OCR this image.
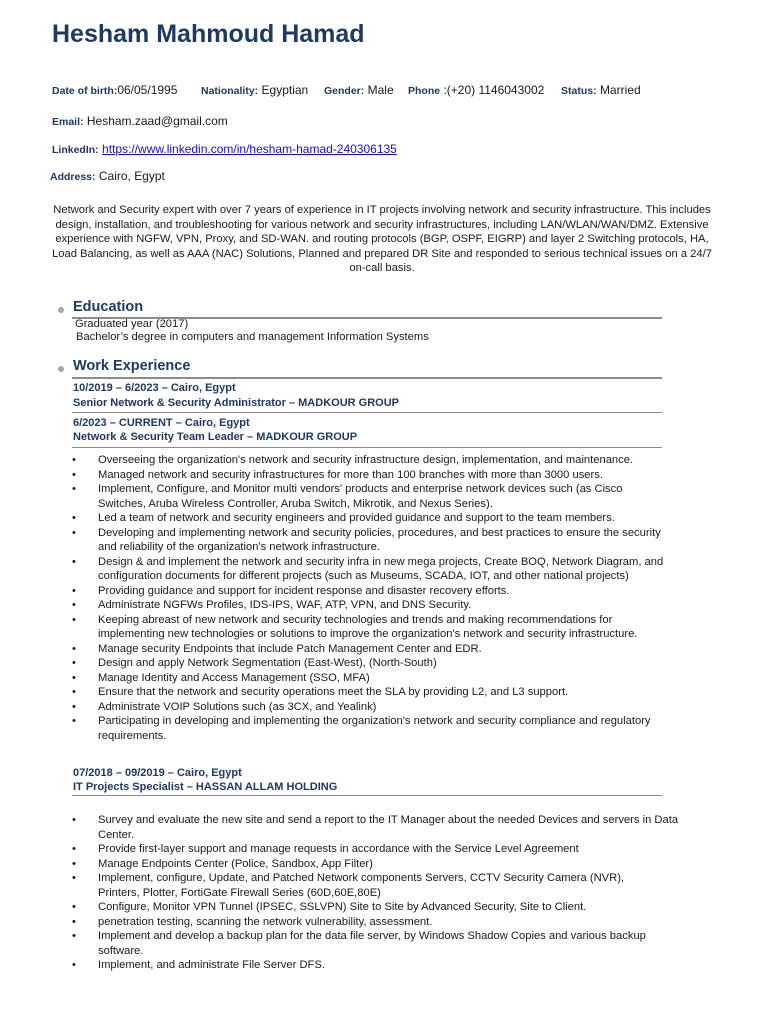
Hesham Mahmoud Hamad
Date of birth:06/05/1995 Nationality: Egyptian Gender: Male Phone :(+20) 1146043002 Status: Married
Email: Hesham.zaad@gmail.com
LinkedIn: https://www.linkedin.com/in/hesham-hamad-240306135
Address: Cairo, Egypt
Network and Security expert with over 7 years of experience in IT projects involving network and security infrastructure. This includes design, installation, and troubleshooting for various network and security infrastructures, including LAN/WLAN/WAN/DMZ. Extensive experience with NGFW, VPN, Proxy, and SD-WAN. and routing protocols (BGP, OSPF, EIGRP) and layer 2 Switching protocols, HA, Load Balancing, as well as AAA (NAC) Solutions, Planned and prepared DR Site and responded to serious technical issues on a 24/7 on-call basis.
Education
Graduated year (2017)
Bachelor’s degree in computers and management Information Systems
Work Experience
10/2019 – 6/2023 – Cairo, Egypt
Senior Network & Security Administrator – MADKOUR GROUP
6/2023 – CURRENT – Cairo, Egypt
Network & Security Team Leader – MADKOUR GROUP
• Overseeing the organization's network and security infrastructure design, implementation, and maintenance.
• Managed network and security infrastructures for more than 100 branches with more than 3000 users.
• Implement, Configure, and Monitor multi vendors' products and enterprise network devices such (as Cisco Switches, Aruba Wireless Controller, Aruba Switch, Mikrotik, and Nexus Series).
• Led a team of network and security engineers and provided guidance and support to the team members.
• Developing and implementing network and security policies, procedures, and best practices to ensure the security and reliability of the organization's network infrastructure.
• Design & and implement the network and security infra in new mega projects, Create BOQ, Network Diagram, and configuration documents for different projects (such as Museums, SCADA, IOT, and other national projects)
• Providing guidance and support for incident response and disaster recovery efforts.
• Administrate NGFWs Profiles, IDS-IPS, WAF, ATP, VPN, and DNS Security.
• Keeping abreast of new network and security technologies and trends and making recommendations for implementing new technologies or solutions to improve the organization's network and security infrastructure.
• Manage security Endpoints that include Patch Management Center and EDR.
• Design and apply Network Segmentation (East-West), (North-South)
• Manage Identity and Access Management (SSO, MFA)
• Ensure that the network and security operations meet the SLA by providing L2, and L3 support.
• Administrate VOIP Solutions such (as 3CX, and Yealink)
• Participating in developing and implementing the organization's network and security compliance and regulatory requirements.
07/2018 – 09/2019 – Cairo, Egypt
IT Projects Specialist – HASSAN ALLAM HOLDING
• Survey and evaluate the new site and send a report to the IT Manager about the needed Devices and servers in Data Center.
• Provide first-layer support and manage requests in accordance with the Service Level Agreement
• Manage Endpoints Center (Police, Sandbox, App Filter)
• Implement, configure, Update, and Patched Network components Servers, CCTV Security Camera (NVR), Printers, Plotter, FortiGate Firewall Series (60D,60E,80E)
• Configure, Monitor VPN Tunnel (IPSEC, SSLVPN) Site to Site by Advanced Security, Site to Client.
• penetration testing, scanning the network vulnerability, assessment.
• Implement and develop a backup plan for the data file server, by Windows Shadow Copies and various backup software.
• Implement, and administrate File Server DFS.
